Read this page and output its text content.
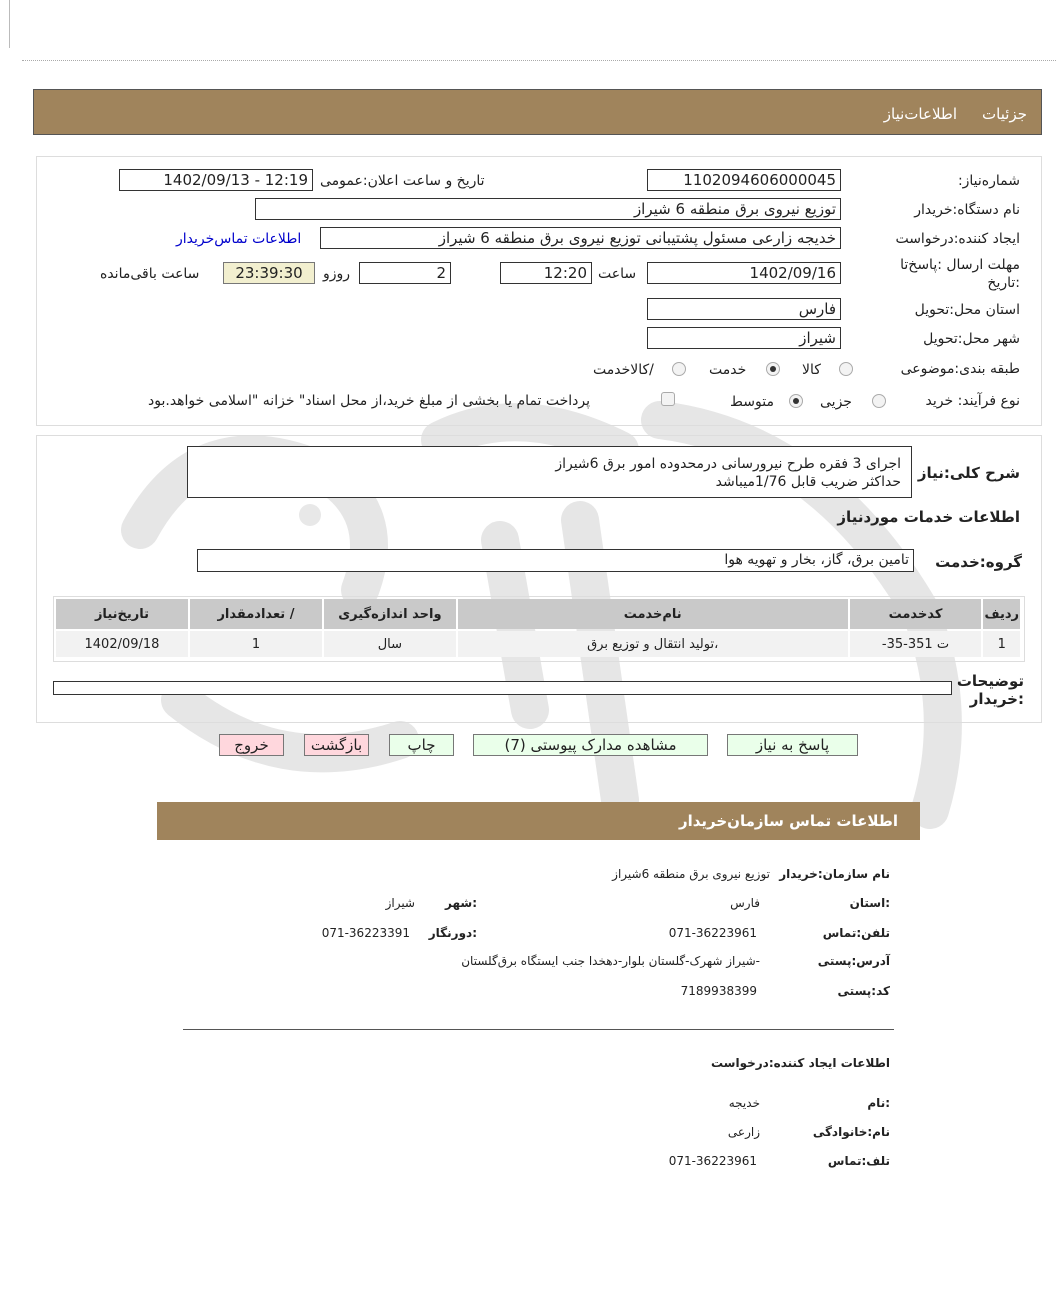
جزئیات
اطلاعات‌نیاز
شماره‌نیاز:
1102094606000045
تاریخ و ساعت اعلان:عمومی
1402/09/13 - 12:19
نام دستگاه:خریدار
توزیع نیروی برق منطقه 6 شیراز
ایجاد کننده:درخواست
خدیجه زارعی مسئول پشتیبانی توزیع نیروی برق منطقه 6 شیراز
اطلاعات تماس‌خریدار
مهلت ارسال :پاسخ‌تا :تاریخ
1402/09/16
ساعت
12:20
2
روزو
23:39:30
ساعت باقی‌مانده
استان محل:تحویل
فارس
شهر محل:تحویل
شیراز
طبقه بندی:موضوعی
کالا
خدمت
/کالاخدمت
نوع فرآیند: خرید
جزیی
متوسط
پرداخت تمام یا بخشی از مبلغ خرید،از محل اسناد" خزانه "اسلامی خواهد.بود
شرح کلی:نیاز
اجرای 3 فقره طرح نیرورسانی درمحدوده امور برق 6شیراز
حداکثر ضریب قابل 1/76میباشد
اطلاعات خدمات موردنیاز
گروه:خدمت
تامین برق، گاز، بخار و تهویه هوا
ردیف	کدخدمت	نام‌خدمت	واحد اندازه‌گیری	/ تعدادمقدار	تاریخ‌نیاز
1	ت 351-35-	،تولید انتقال و توزیع برق	سال	1	1402/09/18
توضیحات :خریدار
پاسخ به نیاز
مشاهده مدارک پیوستی (7)
چاپ
بازگشت
خروج
اطلاعات تماس سازمان‌خریدار
نام سازمان:خریدار
توزیع نیروی برق منطقه 6شیراز
:استان
فارس
:شهر
شیراز
تلفن:تماس
071-36223961
:دورنگار
071-36223391
آدرس:پستی
-شیراز شهرک-گلستان بلوار-دهخدا جنب ایستگاه برق‌گلستان
کد:پستی
7189938399
اطلاعات ایجاد کننده:درخواست
:نام
خدیجه
نام:خانوادگی
زارعی
تلف:تماس
071-36223961
